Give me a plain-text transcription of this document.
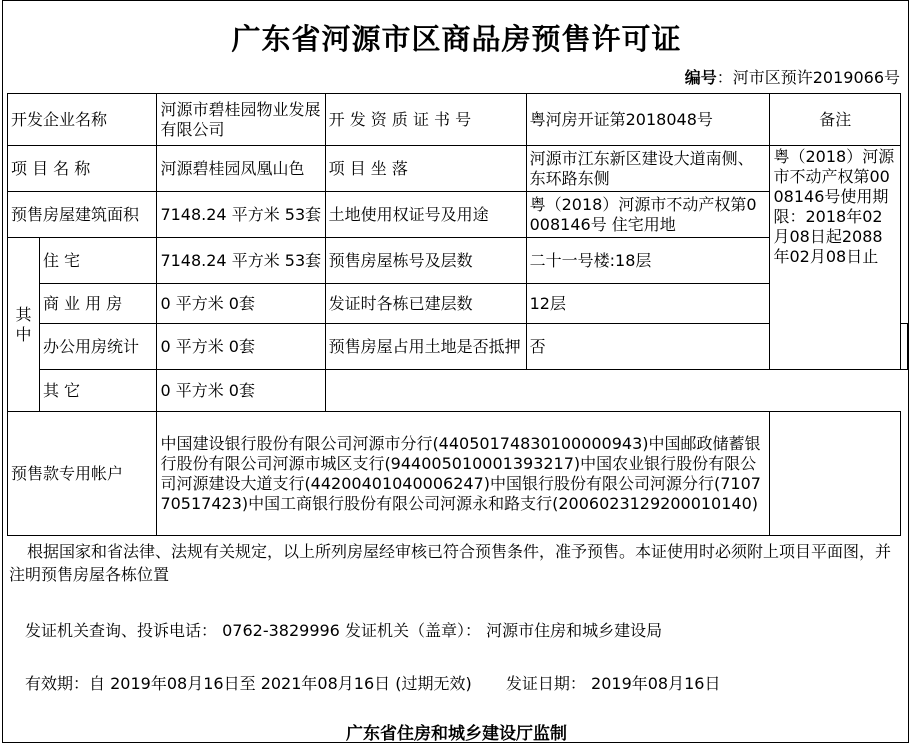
广东省河源市区商品房预售许可证
编号：河市区预许2019066号
开发企业名称		河源市碧桂园物业发展有限公司	开 发 资 质 证 书 号	粤河房开证第2018048号	备注	
项 目 名 称		河源碧桂园凤凰山色	项 目 坐 落	河源市江东新区建设大道南侧、东环路东侧	粤（2018）河源市不动产权第0008146号使用期限：2018年02月08日起2088年02月08日止	
预售房屋建筑面积		7148.24 平方米 53套	土地使用权证号及用途	粤（2018）河源市不动产权第0008146号 住宅用地		
其中	住 宅	7148.24 平方米 53套	预售房屋栋号及层数	二十一号楼:18层		
	商 业 用 房	0 平方米 0套	发证时各栋已建层数	12层		
	办公用房统计	0 平方米 0套	预售房屋占用土地是否抵押	否		
	其 它	0 平方米 0套				
预售款专用帐户		中国建设银行股份有限公司河源市分行(44050174830100000943)中国邮政储蓄银行股份有限公司河源市城区支行(944005010001393217)中国农业银行股份有限公司河源建设大道支行(44200401040006247)中国银行股份有限公司河源分行(710770517423)中国工商银行股份有限公司河源永和路支行(2006023129200010140)				
根据国家和省法律、法规有关规定，以上所列房屋经审核已符合预售条件，准予预售。本证使用时必须附上项目平面图，并注明预售房屋各栋位置
发证机关查询、投诉电话： 0762-3829996 发证机关（盖章）： 河源市住房和城乡建设局
有效期：自 2019年08月16日至 2021年08月16日 (过期无效) 发证日期： 2019年08月16日
广东省住房和城乡建设厅监制
